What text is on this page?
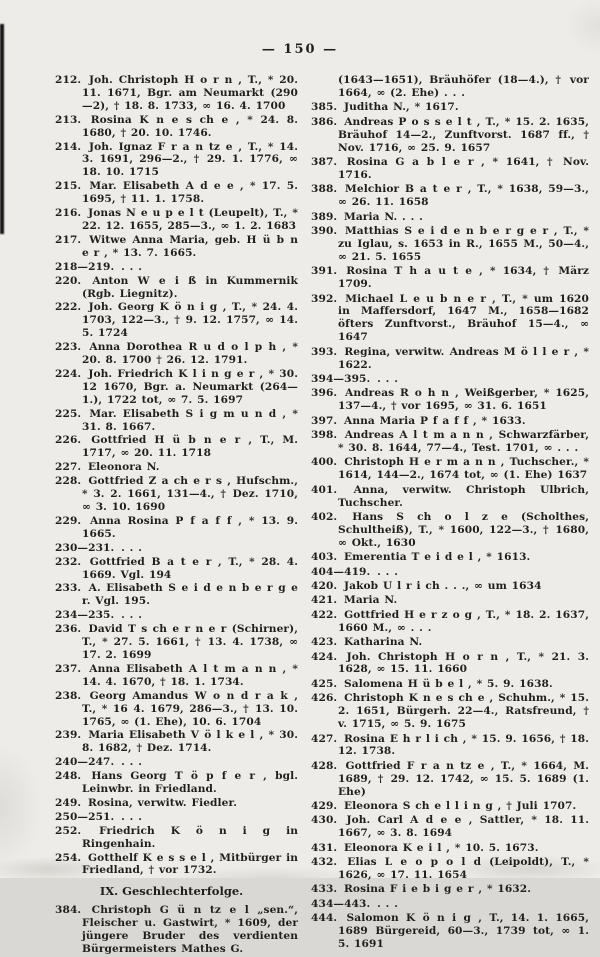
— 150 —

212. Joh. Christoph H o r n , T., * 20. 11. 1671, Bgr. am Neumarkt (290—2), † 18. 8. 1733, ∞ 16. 4. 1700

213. Rosina K n e s ch e , * 24. 8. 1680, † 20. 10. 1746.

214. Joh. Ignaz F r a n tz e , T., * 14. 3. 1691, 296—2., † 29. 1. 1776, ∞ 18. 10. 1715

215. Mar. Elisabeth A d e e , * 17. 5. 1695, † 11. 1. 1758.

216. Jonas N e u p e l t (Leupelt), T., * 22. 12. 1655, 285—3., ∞ 1. 2. 1683

217. Witwe Anna Maria, geb. H ü b n e r , * 13. 7. 1665.

218—219. . . .

220. Anton W e i ß in Kummernik (Rgb. Liegnitz).

222. Joh. Georg K ö n i g , T., * 24. 4. 1703, 122—3., † 9. 12. 1757, ∞ 14. 5. 1724

223. Anna Dorothea R u d o l p h , * 20. 8. 1700 † 26. 12. 1791.

224. Joh. Friedrich K l i n g e r , * 30. 12 1670, Bgr. a. Neumarkt (264—1.), 1722 tot, ∞ 7. 5. 1697

225. Mar. Elisabeth S i g m u n d , * 31. 8. 1667.

226. Gottfried H ü b n e r , T., M. 1717, ∞ 20. 11. 1718

227. Eleonora N.

228. Gottfried Z a ch e r s , Hufschm., * 3. 2. 1661, 131—4., † Dez. 1710, ∞ 3. 10. 1690

229. Anna Rosina P f a f f , * 13. 9. 1665.

230—231. . . .

232. Gottfried B a t e r , T., * 28. 4. 1669. Vgl. 194

233. A. Elisabeth S e i d e n b e r g e r. Vgl. 195.

234—235. . . .

236. David T s ch e r n e r (Schirner), T., * 27. 5. 1661, † 13. 4. 1738, ∞ 17. 2. 1699

237. Anna Elisabeth A l t m a n n , * 14. 4. 1670, † 18. 1. 1734.

238. Georg Amandus W o n d r a k , T., * 16 4. 1679, 286—3., † 13. 10. 1765, ∞ (1. Ehe), 10. 6. 1704

239. Maria Elisabeth V ö l k e l , * 30. 8. 1682, † Dez. 1714.

240—247. . . .

248. Hans Georg T ö p f e r , bgl. Leinwbr. in Friedland.

249. Rosina, verwitw. Fiedler.

250—251. . . .

252. Friedrich K ö n i g in Ringenhain.

254. Gotthelf K e s s e l , Mitbürger in Friedland, † vor 1732.

IX. Geschlechterfolge.

384. Christoph G ü n tz e l „sen.“, Fleischer u. Gastwirt, * 1609, der jüngere Bruder des verdienten Bürgermeisters Mathes G.

(1643—1651), Bräuhöfer (18—4.), † vor 1664, ∞ (2. Ehe) . . .

385. Juditha N., * 1617.

386. Andreas P o s s e l t , T., * 15. 2. 1635, Bräuhof 14—2., Zunftvorst. 1687 ff., † Nov. 1716, ∞ 25. 9. 1657

387. Rosina G a b l e r , * 1641, † Nov. 1716.

388. Melchior B a t e r , T., * 1638, 59—3., ∞ 26. 11. 1658

389. Maria N. . . .

390. Matthias S e i d e n b e r g e r , T., * zu Iglau, s. 1653 in R., 1655 M., 50—4., ∞ 21. 5. 1655

391. Rosina T h a u t e , * 1634, † März 1709.

392. Michael L e u b n e r , T., * um 1620 in Maffersdorf, 1647 M., 1658—1682 öfters Zunftvorst., Bräuhof 15—4., ∞ 1647

393. Regina, verwitw. Andreas M ö l l e r , * 1622.

394—395. . . .

396. Andreas R o h n , Weißgerber, * 1625, 137—4., † vor 1695, ∞ 31. 6. 1651

397. Anna Maria P f a f f , * 1633.

398. Andreas A l t m a n n , Schwarzfärber, * 30. 8. 1644, 77—4., Test. 1701, ∞ . . .

400. Christoph H e r m a n n , Tuchscher., * 1614, 144—2., 1674 tot, ∞ (1. Ehe) 1637

401. Anna, verwitw. Christoph Ulbrich, Tuchscher.

402. Hans S ch o l z e (Scholthes, Schultheiß), T., * 1600, 122—3., † 1680, ∞ Okt., 1630

403. Emerentia T e i d e l , * 1613.

404—419. . . .

420. Jakob U l r i ch . . ., ∞ um 1634

421. Maria N.

422. Gottfried H e r z o g , T., * 18. 2. 1637, 1660 M., ∞ . . .

423. Katharina N.

424. Joh. Christoph H o r n , T., * 21. 3. 1628, ∞ 15. 11. 1660

425. Salomena H ü b e l , * 5. 9. 1638.

426. Christoph K n e s ch e , Schuhm., * 15. 2. 1651, Bürgerh. 22—4., Ratsfreund, † v. 1715, ∞ 5. 9. 1675

427. Rosina E h r l i ch , * 15. 9. 1656, † 18. 12. 1738.

428. Gottfried F r a n tz e , T., * 1664, M. 1689, † 29. 12. 1742, ∞ 15. 5. 1689 (1. Ehe)

429. Eleonora S ch e l l i n g , † Juli 1707.

430. Joh. Carl A d e e , Sattler, * 18. 11. 1667, ∞ 3. 8. 1694

431. Eleonora K e i l , * 10. 5. 1673.

432. Elias L e o p o l d (Leipoldt), T., * 1626, ∞ 17. 11. 1654

433. Rosina F i e b i g e r , * 1632.

434—443. . . .

444. Salomon K ö n i g , T., 14. 1. 1665, 1689 Bürgereid, 60—3., 1739 tot, ∞ 1. 5. 1691
